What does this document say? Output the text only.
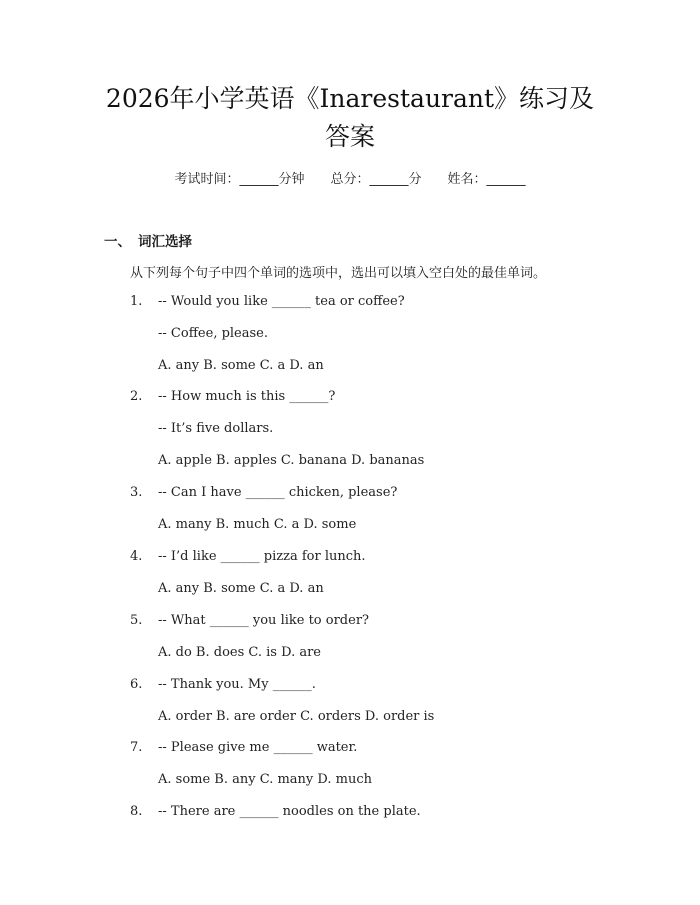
2026年小学英语《Inarestaurant》练习及
答案
考试时间：______分钟 总分：______分 姓名：______
一、 词汇选择
从下列每个句子中四个单词的选项中，选出可以填入空白处的最佳单词。
1. -- Would you like ______ tea or coffee?
-- Coffee, please.
A. any B. some C. a D. an
2. -- How much is this ______?
-- It’s five dollars.
A. apple B. apples C. banana D. bananas
3. -- Can I have ______ chicken, please?
A. many B. much C. a D. some
4. -- I’d like ______ pizza for lunch.
A. any B. some C. a D. an
5. -- What ______ you like to order?
A. do B. does C. is D. are
6. -- Thank you. My ______.
A. order B. are order C. orders D. order is
7. -- Please give me ______ water.
A. some B. any C. many D. much
8. -- There are ______ noodles on the plate.
